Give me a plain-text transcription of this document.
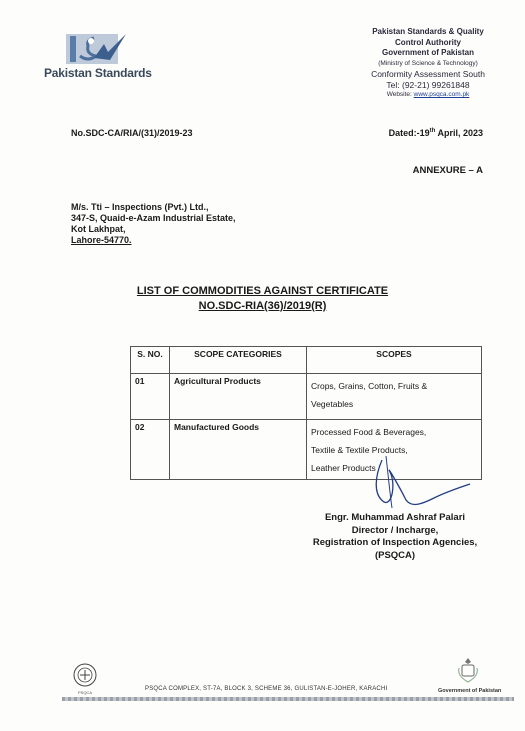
Pakistan Standards
Pakistan Standards & Quality
Control Authority
Government of Pakistan
(Ministry of Science & Technology)
Conformity Assessment South
Tel: (92-21) 99261848
Website: www.psqca.com.pk
No.SDC-CA/RIA/(31)/2019-23	Dated:-19th April, 2023
ANNEXURE – A
M/s. Tti – Inspections (Pvt.) Ltd.,
347-S, Quaid-e-Azam Industrial Estate,
Kot Lakhpat,
Lahore-54770.
LIST OF COMMODITIES AGAINST CERTIFICATE
NO.SDC-RIA(36)/2019(R)
S. NO.	SCOPE CATEGORIES	SCOPES
01	Agricultural Products	Crops, Grains, Cotton, Fruits &
Vegetables

02	Manufactured Goods	Processed Food & Beverages,
Textile & Textile Products,
Leather Products
Engr. Muhammad Ashraf Palari
Director / Incharge,
Registration of Inspection Agencies,
(PSQCA)
PSQCA
PSQCA COMPLEX, ST-7A, BLOCK 3, SCHEME 36, GULISTAN-E-JOHER, KARACHI	Government of Pakistan
